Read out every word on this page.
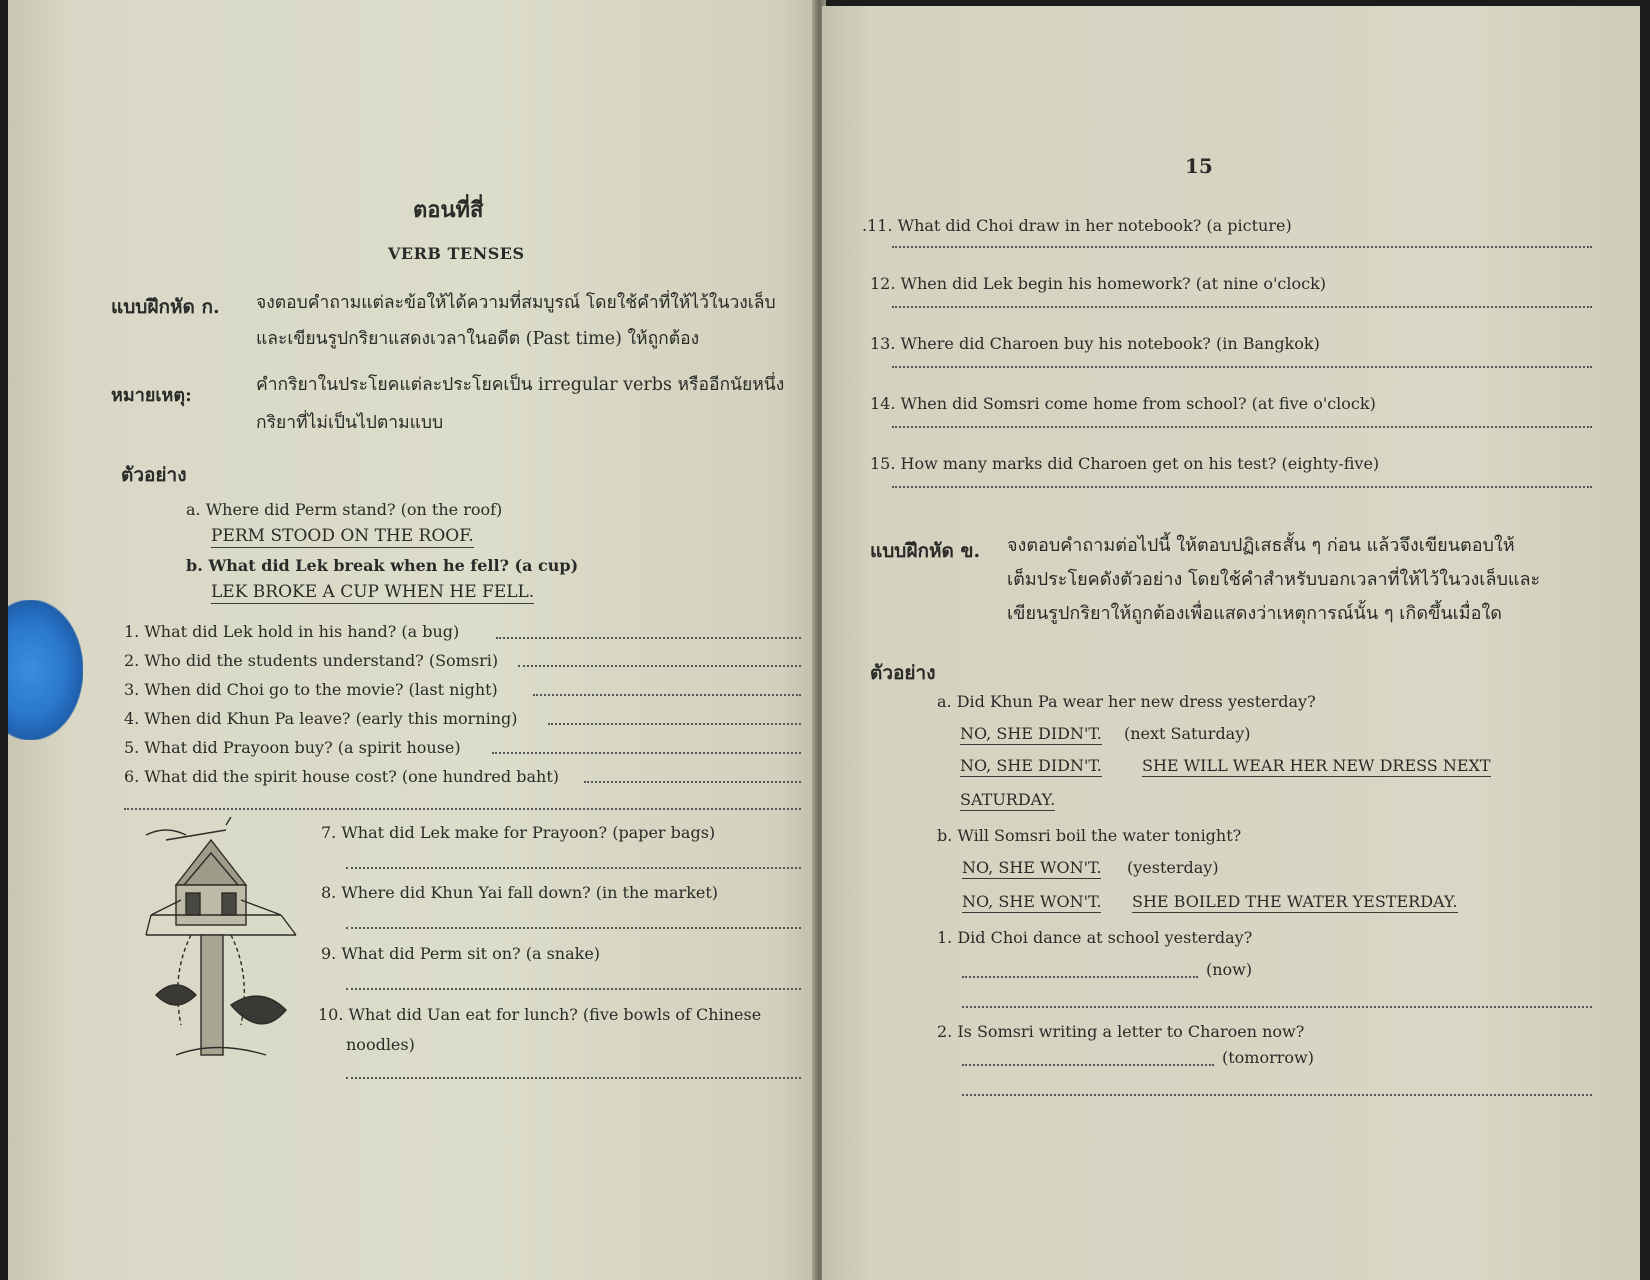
ตอนที่สี่
VERB TENSES
แบบฝึกหัด ก. จงตอบคำถามแต่ละข้อให้ได้ความที่สมบูรณ์ โดยใช้คำที่ให้ไว้ในวงเล็บ
และเขียนรูปกริยาแสดงเวลาในอดีต (Past time) ให้ถูกต้อง
หมายเหตุ:	คำกริยาในประโยคแต่ละประโยคเป็น irregular verbs หรืออีกนัยหนึ่ง
กริยาที่ไม่เป็นไปตามแบบ
ตัวอย่าง
a. Where did Perm stand? (on the roof)
PERM STOOD ON THE ROOF.
b. What did Lek break when he fell? (a cup)
LEK BROKE A CUP WHEN HE FELL.
1. What did Lek hold in his hand? (a bug)
2. Who did the students understand? (Somsri)
3. When did Choi go to the movie? (last night)
4. When did Khun Pa leave? (early this morning)
5. What did Prayoon buy? (a spirit house)
6. What did the spirit house cost? (one hundred baht)
7. What did Lek make for Prayoon? (paper bags)
8. Where did Khun Yai fall down? (in the market)
9. What did Perm sit on? (a snake)
10. What did Uan eat for lunch? (five bowls of Chinese
noodles)
15
.11. What did Choi draw in her notebook? (a picture)
12. When did Lek begin his homework? (at nine o'clock)
13. Where did Charoen buy his notebook? (in Bangkok)
14. When did Somsri come home from school? (at five o'clock)
15. How many marks did Charoen get on his test? (eighty-five)
แบบฝึกหัด ข. จงตอบคำถามต่อไปนี้ ให้ตอบปฏิเสธสั้น ๆ ก่อน แล้วจึงเขียนตอบให้
เต็มประโยคดังตัวอย่าง โดยใช้คำสำหรับบอกเวลาที่ให้ไว้ในวงเล็บและ
เขียนรูปกริยาให้ถูกต้องเพื่อแสดงว่าเหตุการณ์นั้น ๆ เกิดขึ้นเมื่อใด
ตัวอย่าง
a. Did Khun Pa wear her new dress yesterday?
NO, SHE DIDN'T. (next Saturday)
NO, SHE DIDN'T.	SHE WILL WEAR HER NEW DRESS NEXT
SATURDAY.
b. Will Somsri boil the water tonight?
NO, SHE WON'T. (yesterday)
NO, SHE WON'T. SHE BOILED THE WATER YESTERDAY.
1. Did Choi dance at school yesterday?
(now)
2. Is Somsri writing a letter to Charoen now?
(tomorrow)
